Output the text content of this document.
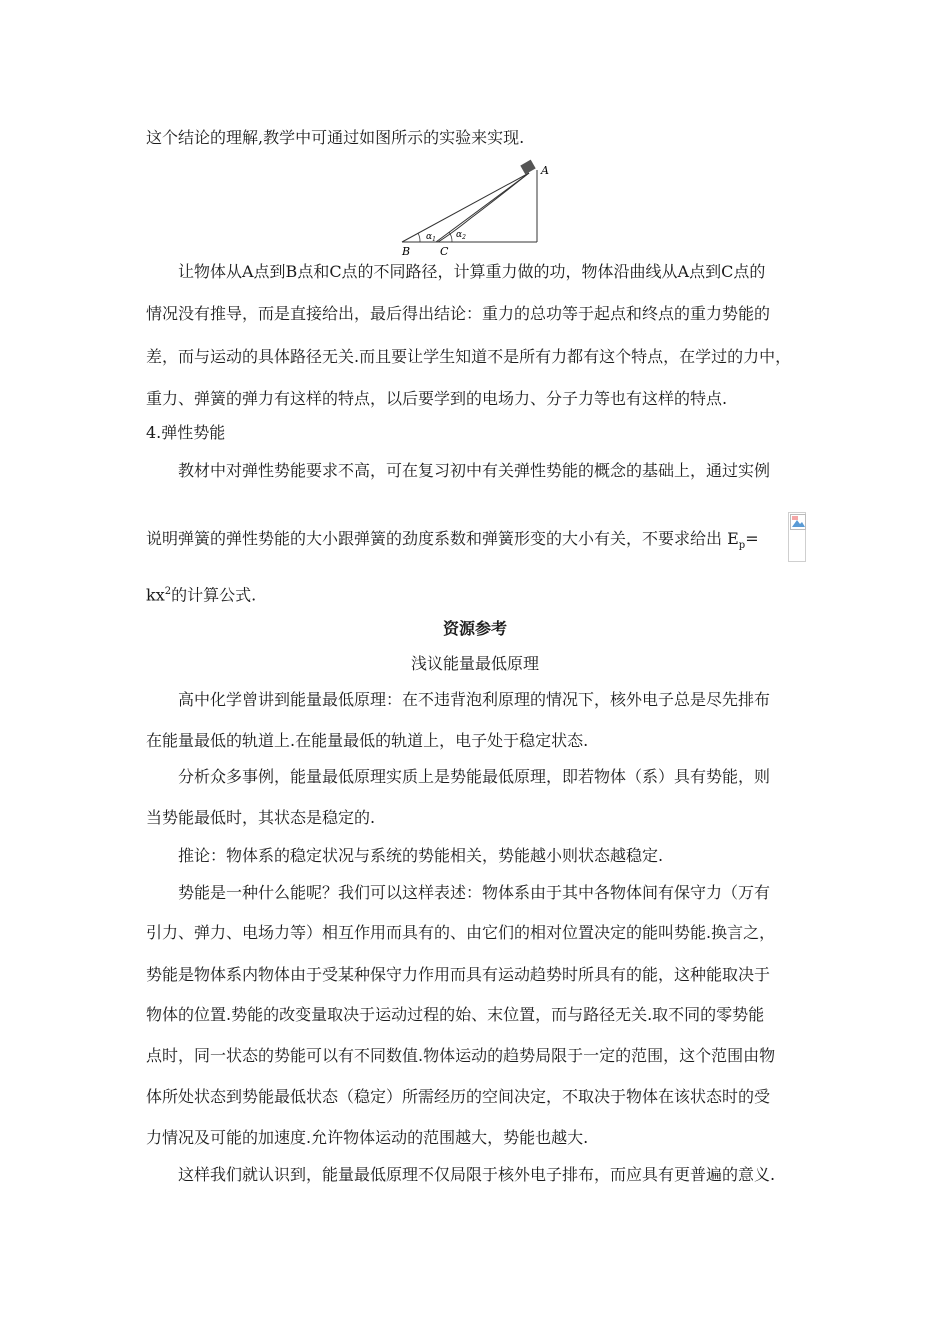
这个结论的理解,教学中可通过如图所示的实验来实现.
A
B	C
$\alpha_1$ $\alpha_2$
让物体从A点到B点和C点的不同路径，计算重力做的功，物体沿曲线从A点到C点的
情况没有推导，而是直接给出，最后得出结论：重力的总功等于起点和终点的重力势能的
差，而与运动的具体路径无关.而且要让学生知道不是所有力都有这个特点，在学过的力中，
重力、弹簧的弹力有这样的特点，以后要学到的电场力、分子力等也有这样的特点.
4.弹性势能
教材中对弹性势能要求不高，可在复习初中有关弹性势能的概念的基础上，通过实例
说明弹簧的弹性势能的大小跟弹簧的劲度系数和弹簧形变的大小有关，不要求给出 $E_p=$
$kx^2$的计算公式.
资源参考
浅议能量最低原理
高中化学曾讲到能量最低原理：在不违背泡利原理的情况下，核外电子总是尽先排布
在能量最低的轨道上.在能量最低的轨道上，电子处于稳定状态.
分析众多事例，能量最低原理实质上是势能最低原理，即若物体（系）具有势能，则
当势能最低时，其状态是稳定的.
推论：物体系的稳定状况与系统的势能相关，势能越小则状态越稳定.
势能是一种什么能呢？我们可以这样表述：物体系由于其中各物体间有保守力（万有
引力、弹力、电场力等）相互作用而具有的、由它们的相对位置决定的能叫势能.换言之，
势能是物体系内物体由于受某种保守力作用而具有运动趋势时所具有的能，这种能取决于
物体的位置.势能的改变量取决于运动过程的始、末位置，而与路径无关.取不同的零势能
点时，同一状态的势能可以有不同数值.物体运动的趋势局限于一定的范围，这个范围由物
体所处状态到势能最低状态（稳定）所需经历的空间决定，不取决于物体在该状态时的受
力情况及可能的加速度.允许物体运动的范围越大，势能也越大.
这样我们就认识到，能量最低原理不仅局限于核外电子排布，而应具有更普遍的意义.
